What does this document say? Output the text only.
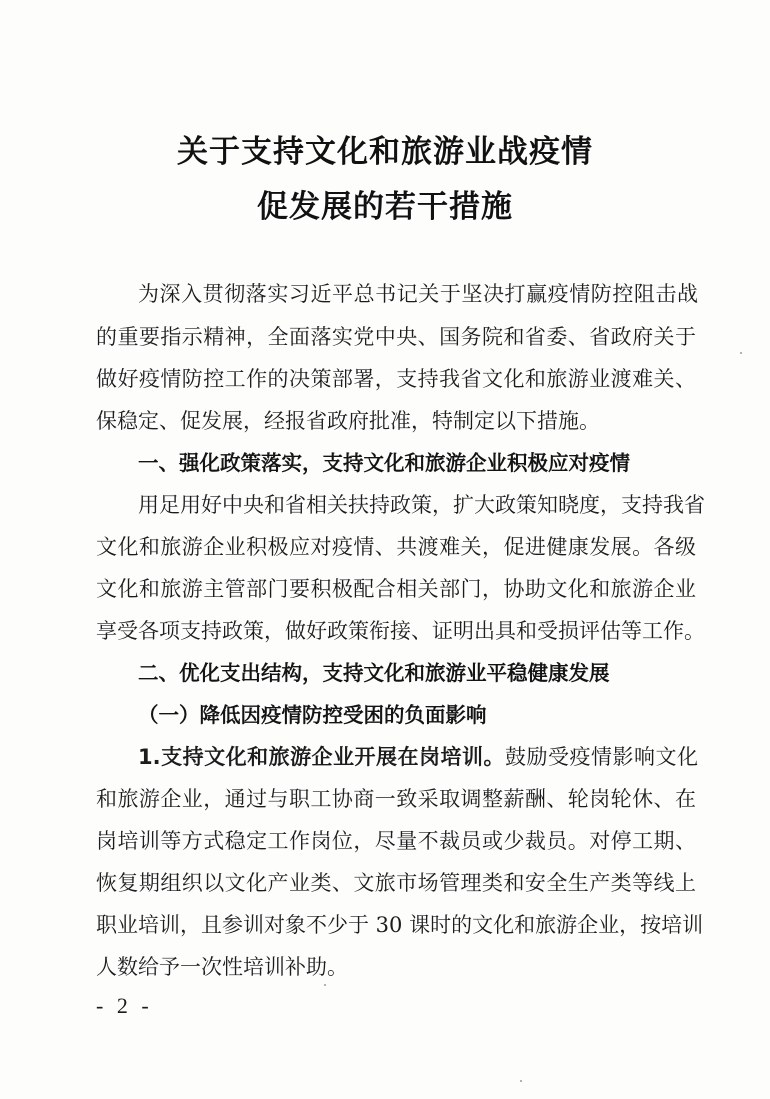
关于支持文化和旅游业战疫情
促发展的若干措施
为深入贯彻落实习近平总书记关于坚决打赢疫情防控阻击战
的重要指示精神，全面落实党中央、国务院和省委、省政府关于
做好疫情防控工作的决策部署，支持我省文化和旅游业渡难关、
保稳定、促发展，经报省政府批准，特制定以下措施。
一、强化政策落实，支持文化和旅游企业积极应对疫情
用足用好中央和省相关扶持政策，扩大政策知晓度，支持我省
文化和旅游企业积极应对疫情、共渡难关，促进健康发展。各级
文化和旅游主管部门要积极配合相关部门，协助文化和旅游企业
享受各项支持政策，做好政策衔接、证明出具和受损评估等工作。
二、优化支出结构，支持文化和旅游业平稳健康发展
（一）降低因疫情防控受困的负面影响
1.支持文化和旅游企业开展在岗培训。鼓励受疫情影响文化
和旅游企业，通过与职工协商一致采取调整薪酬、轮岗轮休、在
岗培训等方式稳定工作岗位，尽量不裁员或少裁员。对停工期、
恢复期组织以文化产业类、文旅市场管理类和安全生产类等线上
职业培训，且参训对象不少于 30 课时的文化和旅游企业，按培训
人数给予一次性培训补助。
- 2 -
